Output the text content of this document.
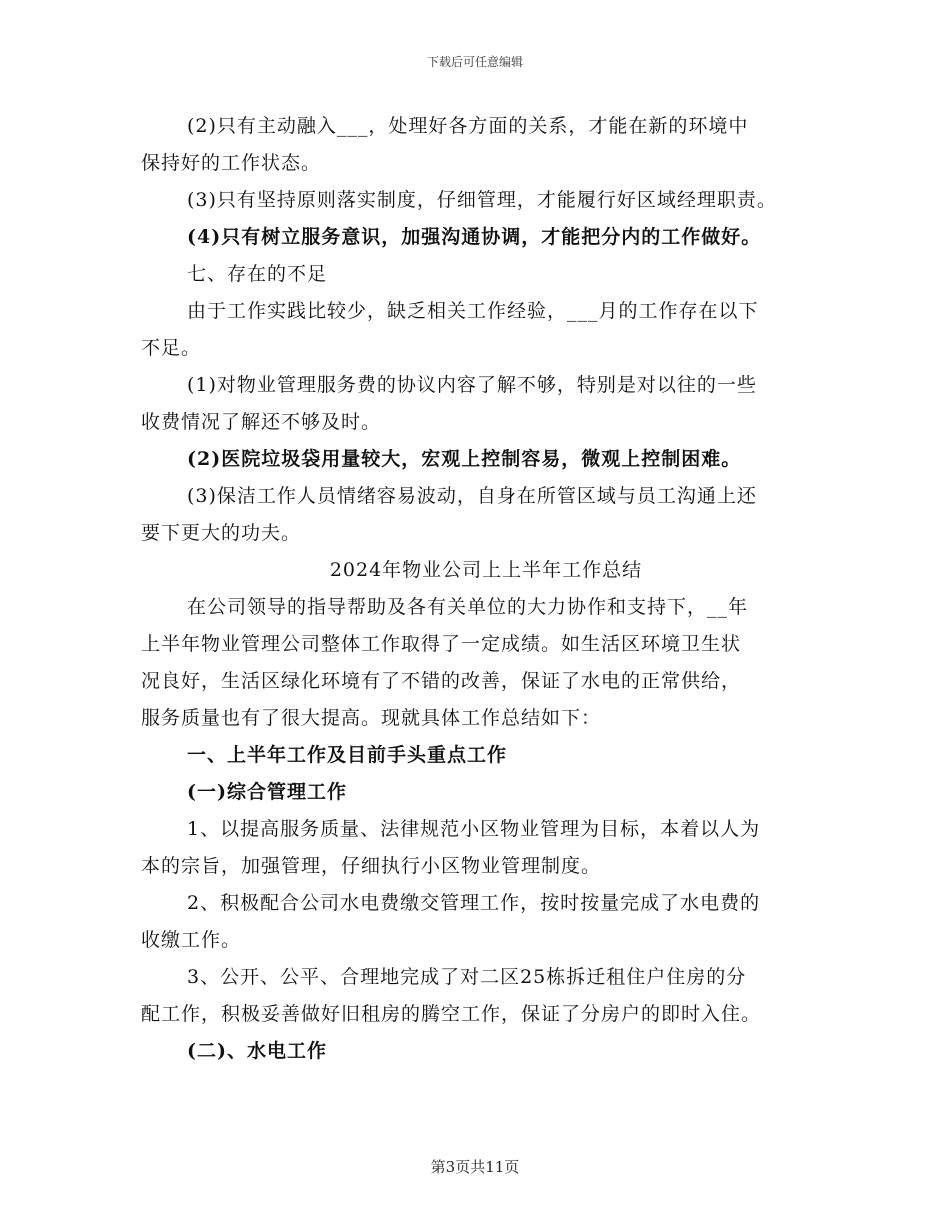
下载后可任意编辑
(2)只有主动融入___，处理好各方面的关系，才能在新的环境中
保持好的工作状态。
(3)只有坚持原则落实制度，仔细管理，才能履行好区域经理职责。
(4)只有树立服务意识，加强沟通协调，才能把分内的工作做好。
七、存在的不足
由于工作实践比较少，缺乏相关工作经验，___月的工作存在以下
不足。
(1)对物业管理服务费的协议内容了解不够，特别是对以往的一些
收费情况了解还不够及时。
(2)医院垃圾袋用量较大，宏观上控制容易，微观上控制困难。
(3)保洁工作人员情绪容易波动，自身在所管区域与员工沟通上还
要下更大的功夫。
2024年物业公司上上半年工作总结
在公司领导的指导帮助及各有关单位的大力协作和支持下，__年
上半年物业管理公司整体工作取得了一定成绩。如生活区环境卫生状
况良好，生活区绿化环境有了不错的改善，保证了水电的正常供给，
服务质量也有了很大提高。现就具体工作总结如下：
一、上半年工作及目前手头重点工作
(一)综合管理工作
1、以提高服务质量、法律规范小区物业管理为目标，本着以人为
本的宗旨，加强管理，仔细执行小区物业管理制度。
2、积极配合公司水电费缴交管理工作，按时按量完成了水电费的
收缴工作。
3、公开、公平、合理地完成了对二区25栋拆迁租住户住房的分
配工作，积极妥善做好旧租房的腾空工作，保证了分房户的即时入住。
(二)、水电工作
第3页共11页
